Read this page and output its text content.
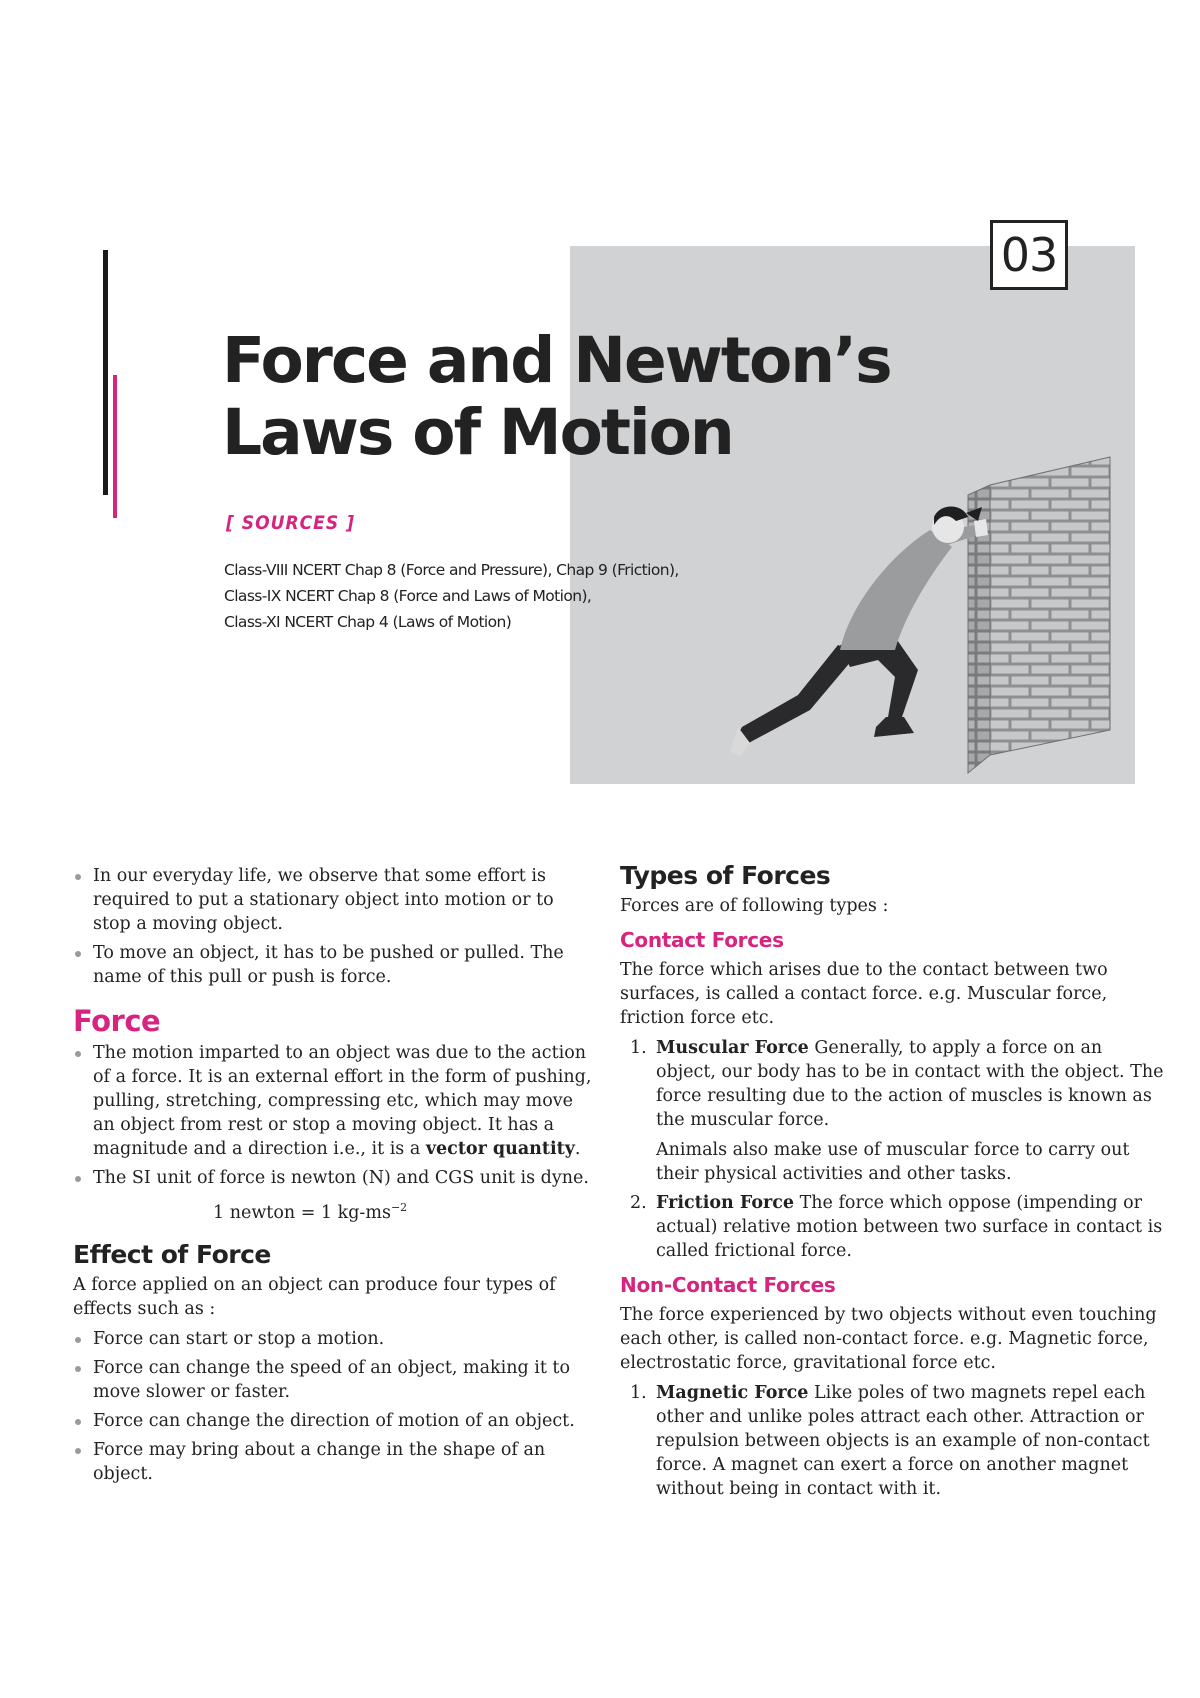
03
Force and Newton’s
Laws of Motion
[ SOURCES ]
Class-VIII NCERT Chap 8 (Force and Pressure), Chap 9 (Friction),
Class-IX NCERT Chap 8 (Force and Laws of Motion),
Class-XI NCERT Chap 4 (Laws of Motion)
In our everyday life, we observe that some effort is required to put a stationary object into motion or to stop a moving object.
To move an object, it has to be pushed or pulled. The name of this pull or push is force.
Force
The motion imparted to an object was due to the action of a force. It is an external effort in the form of pushing, pulling, stretching, compressing etc, which may move an object from rest or stop a moving object. It has a magnitude and a direction i.e., it is a vector quantity.
The SI unit of force is newton (N) and CGS unit is dyne.
1 newton = 1 $kg-ms^{-2}$
Effect of Force

A force applied on an object can produce four types of effects such as :

Force can start or stop a motion.
Force can change the speed of an object, making it to move slower or faster.
Force can change the direction of motion of an object.
Force may bring about a change in the shape of an object.
Types of Forces

Forces are of following types :

Contact Forces

The force which arises due to the contact between two surfaces, is called a contact force. e.g. Muscular force, friction force etc.

1. Muscular Force Generally, to apply a force on an object, our body has to be in contact with the object. The force resulting due to the action of muscles is known as the muscular force.
Animals also make use of muscular force to carry out their physical activities and other tasks.
2. Friction Force The force which oppose (impending or actual) relative motion between two surface in contact is called frictional force.
Non-Contact Forces

The force experienced by two objects without even touching each other, is called non-contact force. e.g. Magnetic force, electrostatic force, gravitational force etc.

1. Magnetic Force Like poles of two magnets repel each other and unlike poles attract each other. Attraction or repulsion between objects is an example of non-contact force. A magnet can exert a force on another magnet without being in contact with it.
